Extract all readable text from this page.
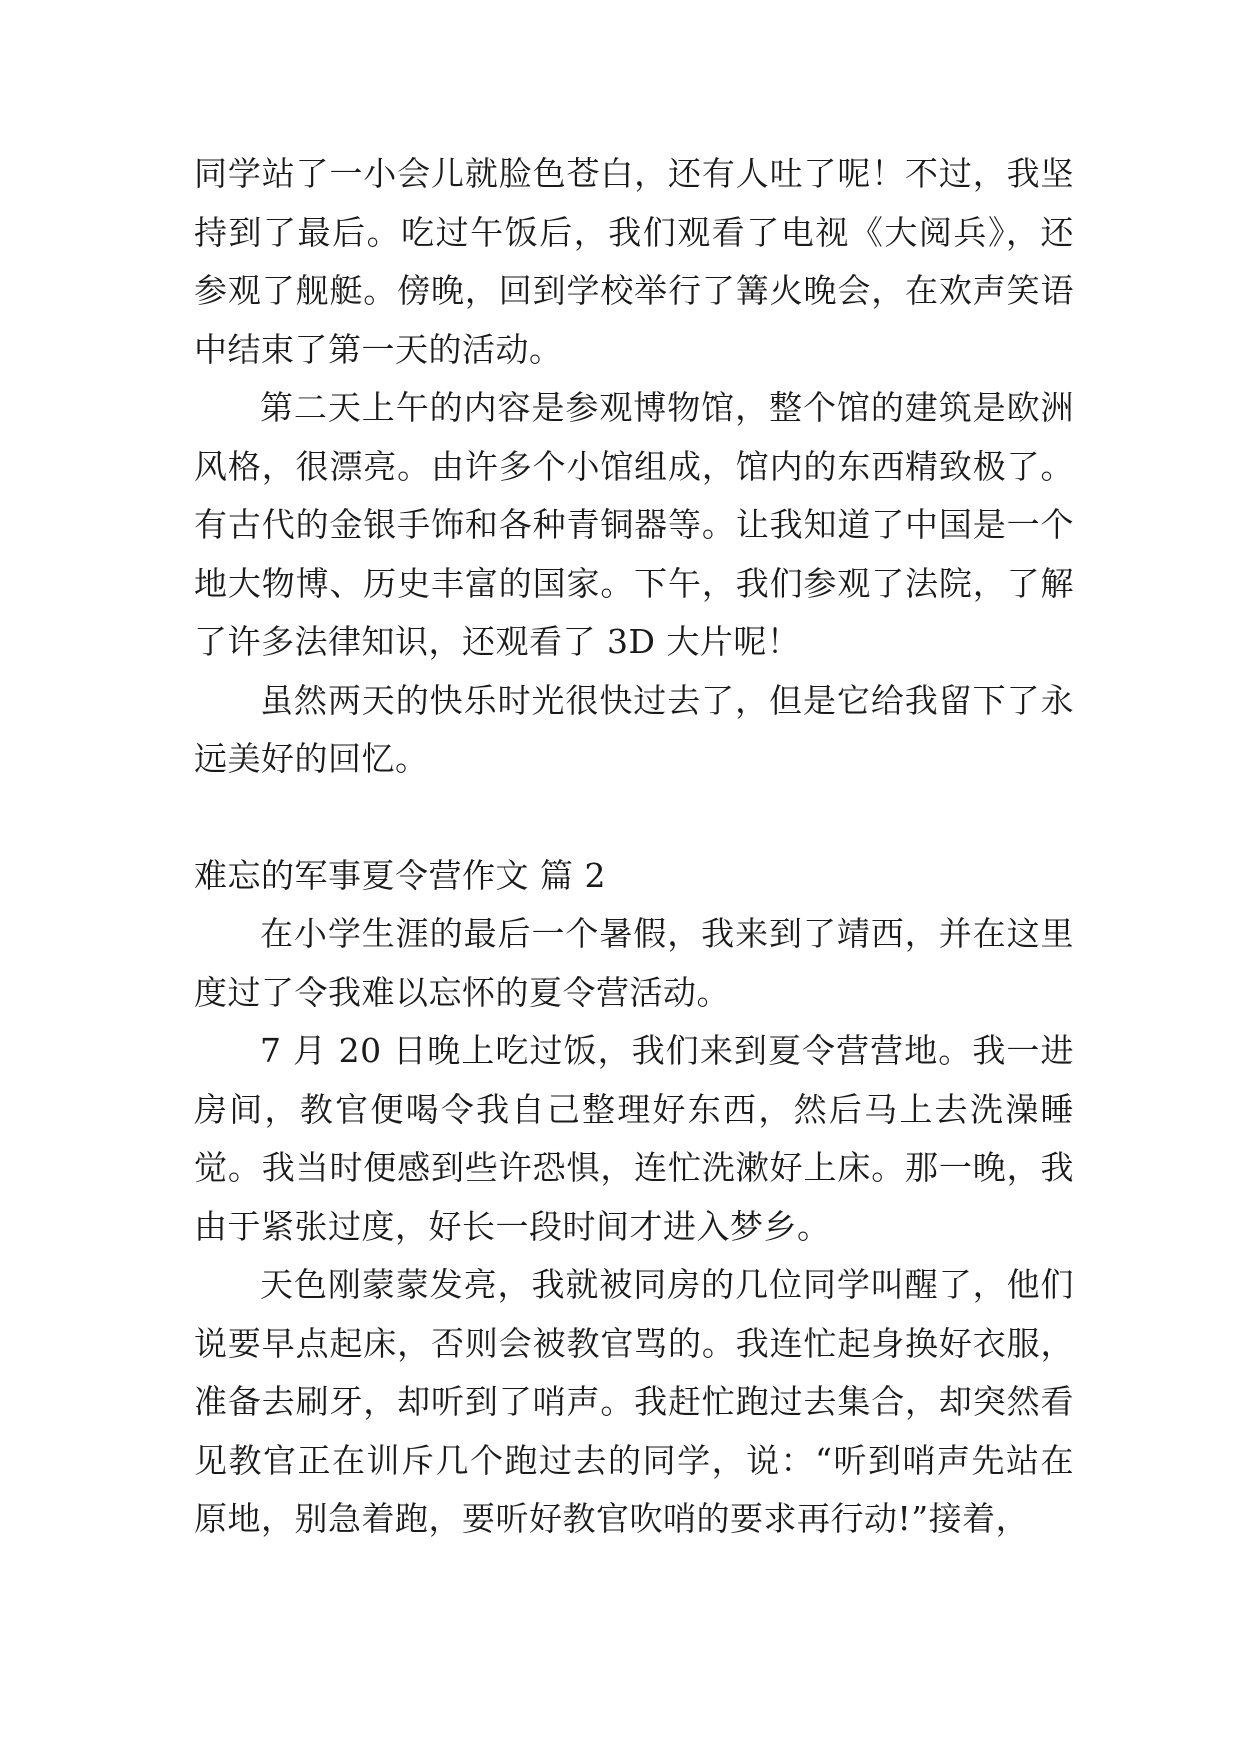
同学站了一小会儿就脸色苍白，还有人吐了呢！不过，我坚持到了最后。吃过午饭后，我们观看了电视《大阅兵》，还参观了舰艇。傍晚，回到学校举行了篝火晚会，在欢声笑语中结束了第一天的活动。

第二天上午的内容是参观博物馆，整个馆的建筑是欧洲风格，很漂亮。由许多个小馆组成，馆内的东西精致极了。有古代的金银手饰和各种青铜器等。让我知道了中国是一个地大物博、历史丰富的国家。下午，我们参观了法院，了解了许多法律知识，还观看了 3D 大片呢！

虽然两天的快乐时光很快过去了，但是它给我留下了永远美好的回忆。

难忘的军事夏令营作文 篇 2

在小学生涯的最后一个暑假，我来到了靖西，并在这里度过了令我难以忘怀的夏令营活动。

7 月 20 日晚上吃过饭，我们来到夏令营营地。我一进房间，教官便喝令我自己整理好东西，然后马上去洗澡睡觉。我当时便感到些许恐惧，连忙洗漱好上床。那一晚，我由于紧张过度，好长一段时间才进入梦乡。

天色刚蒙蒙发亮，我就被同房的几位同学叫醒了，他们说要早点起床，否则会被教官骂的。我连忙起身换好衣服，准备去刷牙，却听到了哨声。我赶忙跑过去集合，却突然看见教官正在训斥几个跑过去的同学，说：“听到哨声先站在原地，别急着跑，要听好教官吹哨的要求再行动!”接着，
